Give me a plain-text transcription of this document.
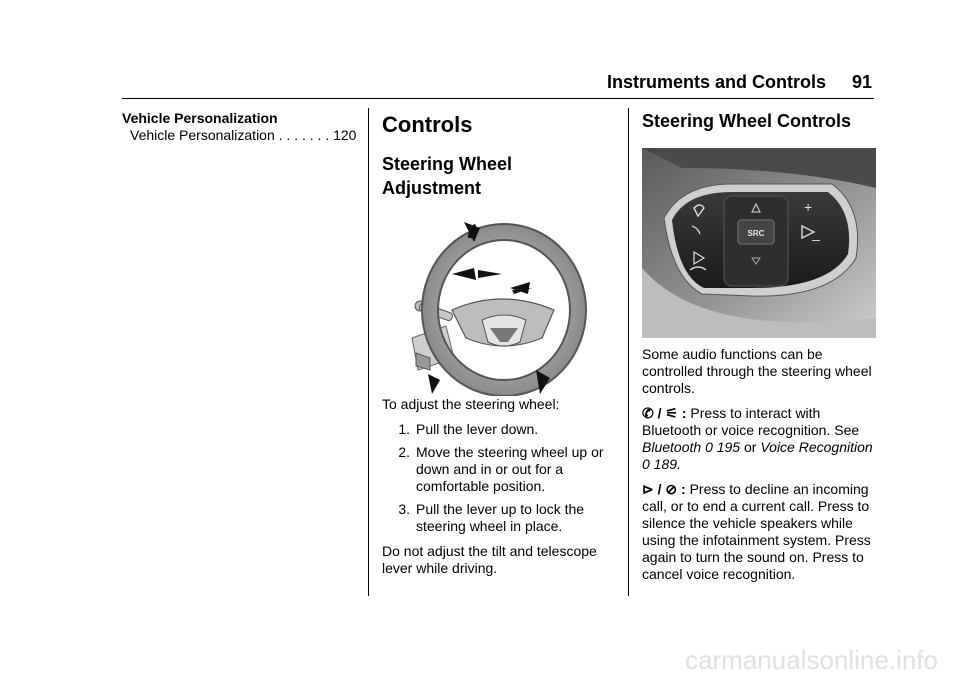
Instruments and Controls 91
Vehicle Personalization
Vehicle Personalization . . . . . . . 120 Controls
Steering Wheel
Adjustment

To adjust the steering wheel:

1. Pull the lever down.
2. Move the steering wheel up or down and in or out for a comfortable position.
3. Pull the lever up to lock the steering wheel in place.

Do not adjust the tilt and telescope lever while driving.

Steering Wheel Controls
SRC
+
–

Some audio functions can be controlled through the steering wheel controls.

✆ / ⚟ : Press to interact with Bluetooth or voice recognition. See Bluetooth 0 195 or Voice Recognition 0 189.

⊳ / ⊘ : Press to decline an incoming call, or to end a current call. Press to silence the vehicle speakers while using the infotainment system. Press again to turn the sound on. Press to cancel voice recognition.

carmanualsonline.info
